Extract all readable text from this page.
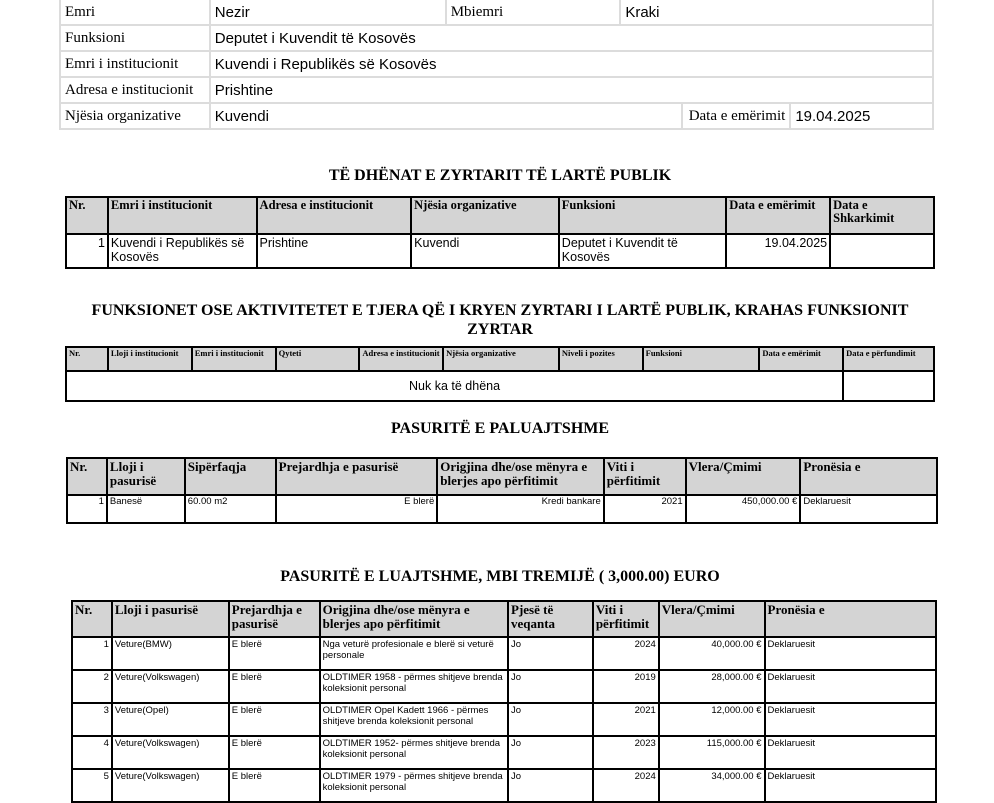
Emri	Nezir	Mbiemri	Kraki		
Funksioni	Deputet i Kuvendit të Kosovës				
Emri i institucionit	Kuvendi i Republikës së Kosovës				
Adresa e institucionit	Prishtine				
Njësia organizative	Kuvendi			Data e emërimit	19.04.2025
TË DHËNAT E ZYRTARIT TË LARTË PUBLIK
Nr.	Emri i institucionit	Adresa e institucionit	Njësia organizative	Funksioni	Data e emërimit	Data e Shkarkimit
1	Kuvendi i Republikës së Kosovës	Prishtine	Kuvendi	Deputet i Kuvendit të Kosovës	19.04.2025	
FUNKSIONET OSE AKTIVITETET E TJERA QË I KRYEN ZYRTARI I LARTË PUBLIK, KRAHAS FUNKSIONIT ZYRTAR
Nr.	Lloji i institucionit	Emri i institucionit	Qyteti	Adresa e institucionit	Njësia organizative	Niveli i pozites	Funksioni	Data e emërimit	Data e përfundimit
Nuk ka të dhëna									
PASURITË E PALUAJTSHME
Nr.	Lloji i pasurisë	Sipërfaqja	Prejardhja e pasurisë	Origjina dhe/ose mënyra e blerjes apo përfitimit	Viti i përfitimit	Vlera/Çmimi	Pronësia e
1	Banesë	60.00 m2	E blerë	Kredi bankare	2021	450,000.00 €	Deklaruesit
PASURITË E LUAJTSHME, MBI TREMIJË ( 3,000.00) EURO
Nr.	Lloji i pasurisë	Prejardhja e pasurisë	Origjina dhe/ose mënyra e blerjes apo përfitimit	Pjesë të veqanta	Viti i përfitimit	Vlera/Çmimi	Pronësia e
1	Veture(BMW)	E blerë	Nga veturë profesionale e blerë si veturë personale	Jo	2024	40,000.00 €	Deklaruesit
2	Veture(Volkswagen)	E blerë	OLDTIMER 1958 - përmes shitjeve brenda koleksionit personal	Jo	2019	28,000.00 €	Deklaruesit
3	Veture(Opel)	E blerë	OLDTIMER Opel Kadett 1966 - përmes shitjeve brenda koleksionit personal	Jo	2021	12,000.00 €	Deklaruesit
4	Veture(Volkswagen)	E blerë	OLDTIMER 1952- përmes shitjeve brenda koleksionit personal	Jo	2023	115,000.00 €	Deklaruesit
5	Veture(Volkswagen)	E blerë	OLDTIMER 1979 - përmes shitjeve brenda koleksionit personal	Jo	2024	34,000.00 €	Deklaruesit
